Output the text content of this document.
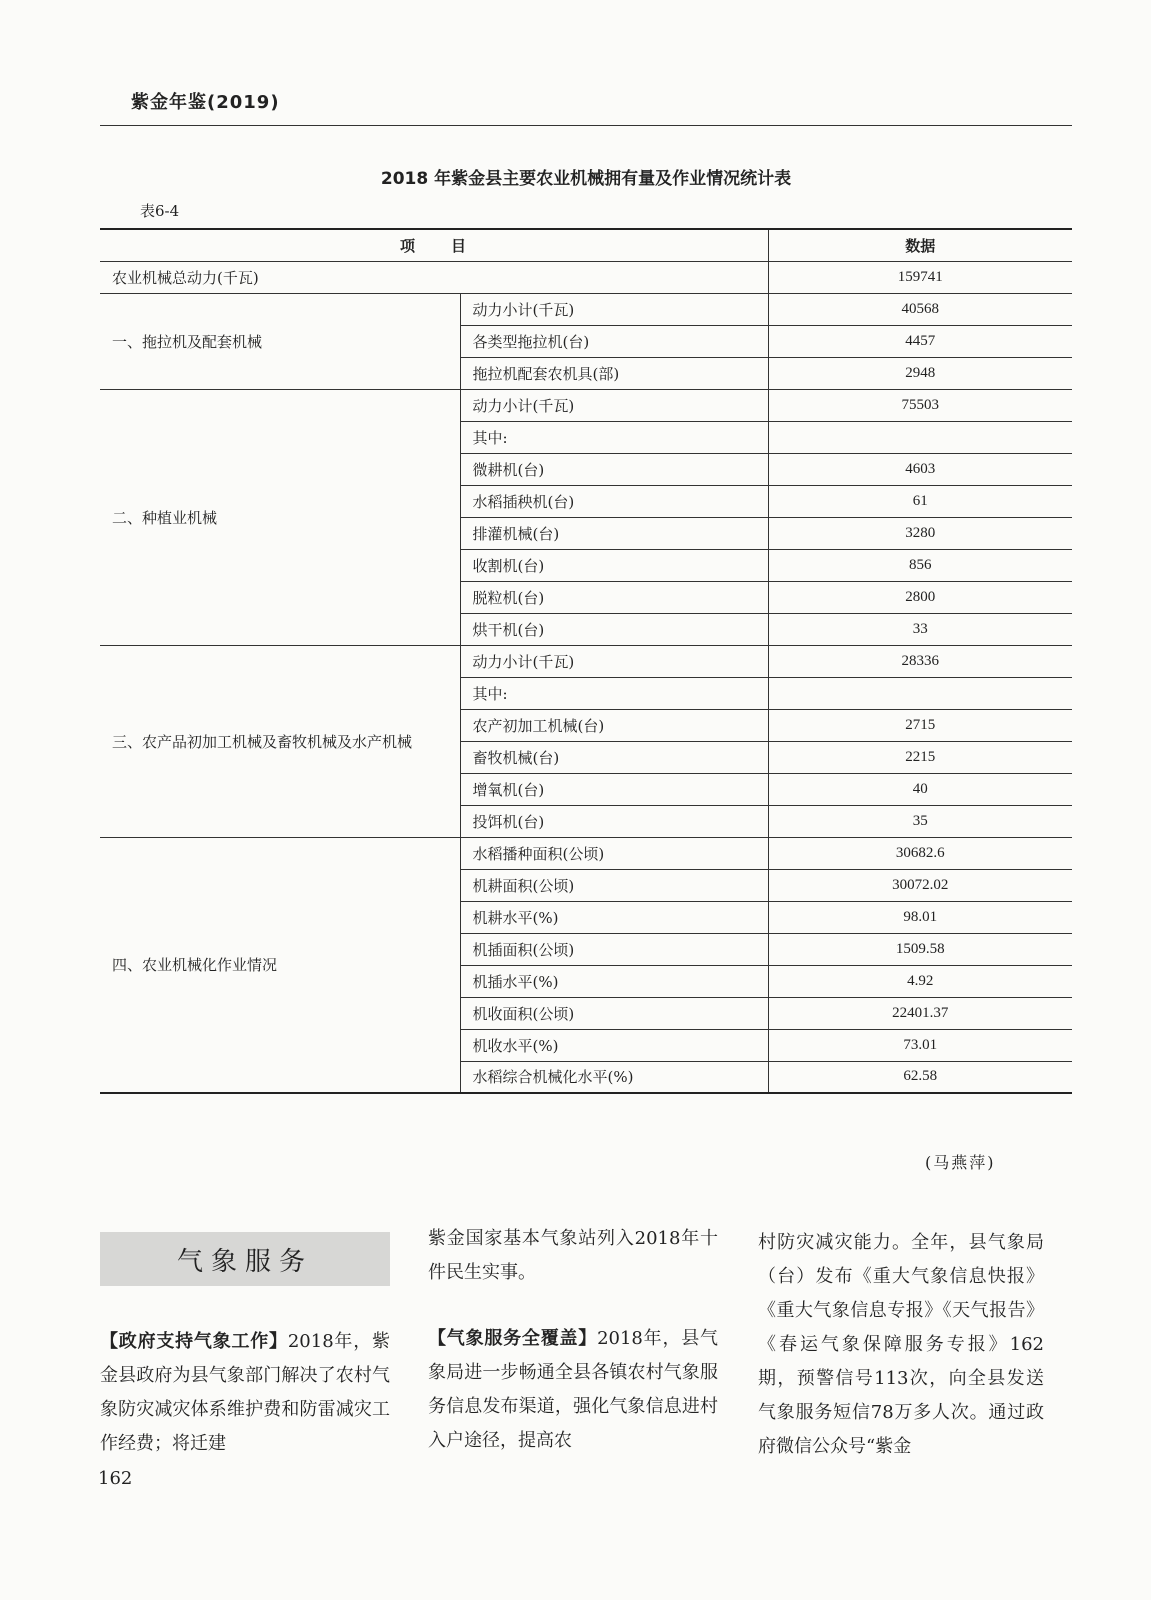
紫金年鉴(2019)
2018 年紫金县主要农业机械拥有量及作业情况统计表
表6-4
项　　目		数据
农业机械总动力(千瓦)		159741
一、拖拉机及配套机械	动力小计(千瓦)	40568
	各类型拖拉机(台)	4457
	拖拉机配套农机具(部)	2948
二、种植业机械	动力小计(千瓦)	75503
	其中:	
	微耕机(台)	4603
	水稻插秧机(台)	61
	排灌机械(台)	3280
	收割机(台)	856
	脱粒机(台)	2800
	烘干机(台)	33
三、农产品初加工机械及畜牧机械及水产机械	动力小计(千瓦)	28336
	其中:	
	农产初加工机械(台)	2715
	畜牧机械(台)	2215
	增氧机(台)	40
	投饵机(台)	35
四、农业机械化作业情况	水稻播种面积(公顷)	30682.6
	机耕面积(公顷)	30072.02
	机耕水平(%)	98.01
	机插面积(公顷)	1509.58
	机插水平(%)	4.92
	机收面积(公顷)	22401.37
	机收水平(%)	73.01
	水稻综合机械化水平(%)	62.58
(马燕萍)
气象服务

【政府支持气象工作】2018年，紫金县政府为县气象部门解决了农村气象防灾减灾体系维护费和防雷减灾工作经费；将迁建

紫金国家基本气象站列入2018年十件民生实事。

【气象服务全覆盖】2018年，县气象局进一步畅通全县各镇农村气象服务信息发布渠道，强化气象信息进村入户途径，提高农

村防灾减灾能力。全年，县气象局（台）发布《重大气象信息快报》《重大气象信息专报》《天气报告》《春运气象保障服务专报》162期，预警信号113次，向全县发送气象服务短信78万多人次。通过政府微信公众号“紫金

162
